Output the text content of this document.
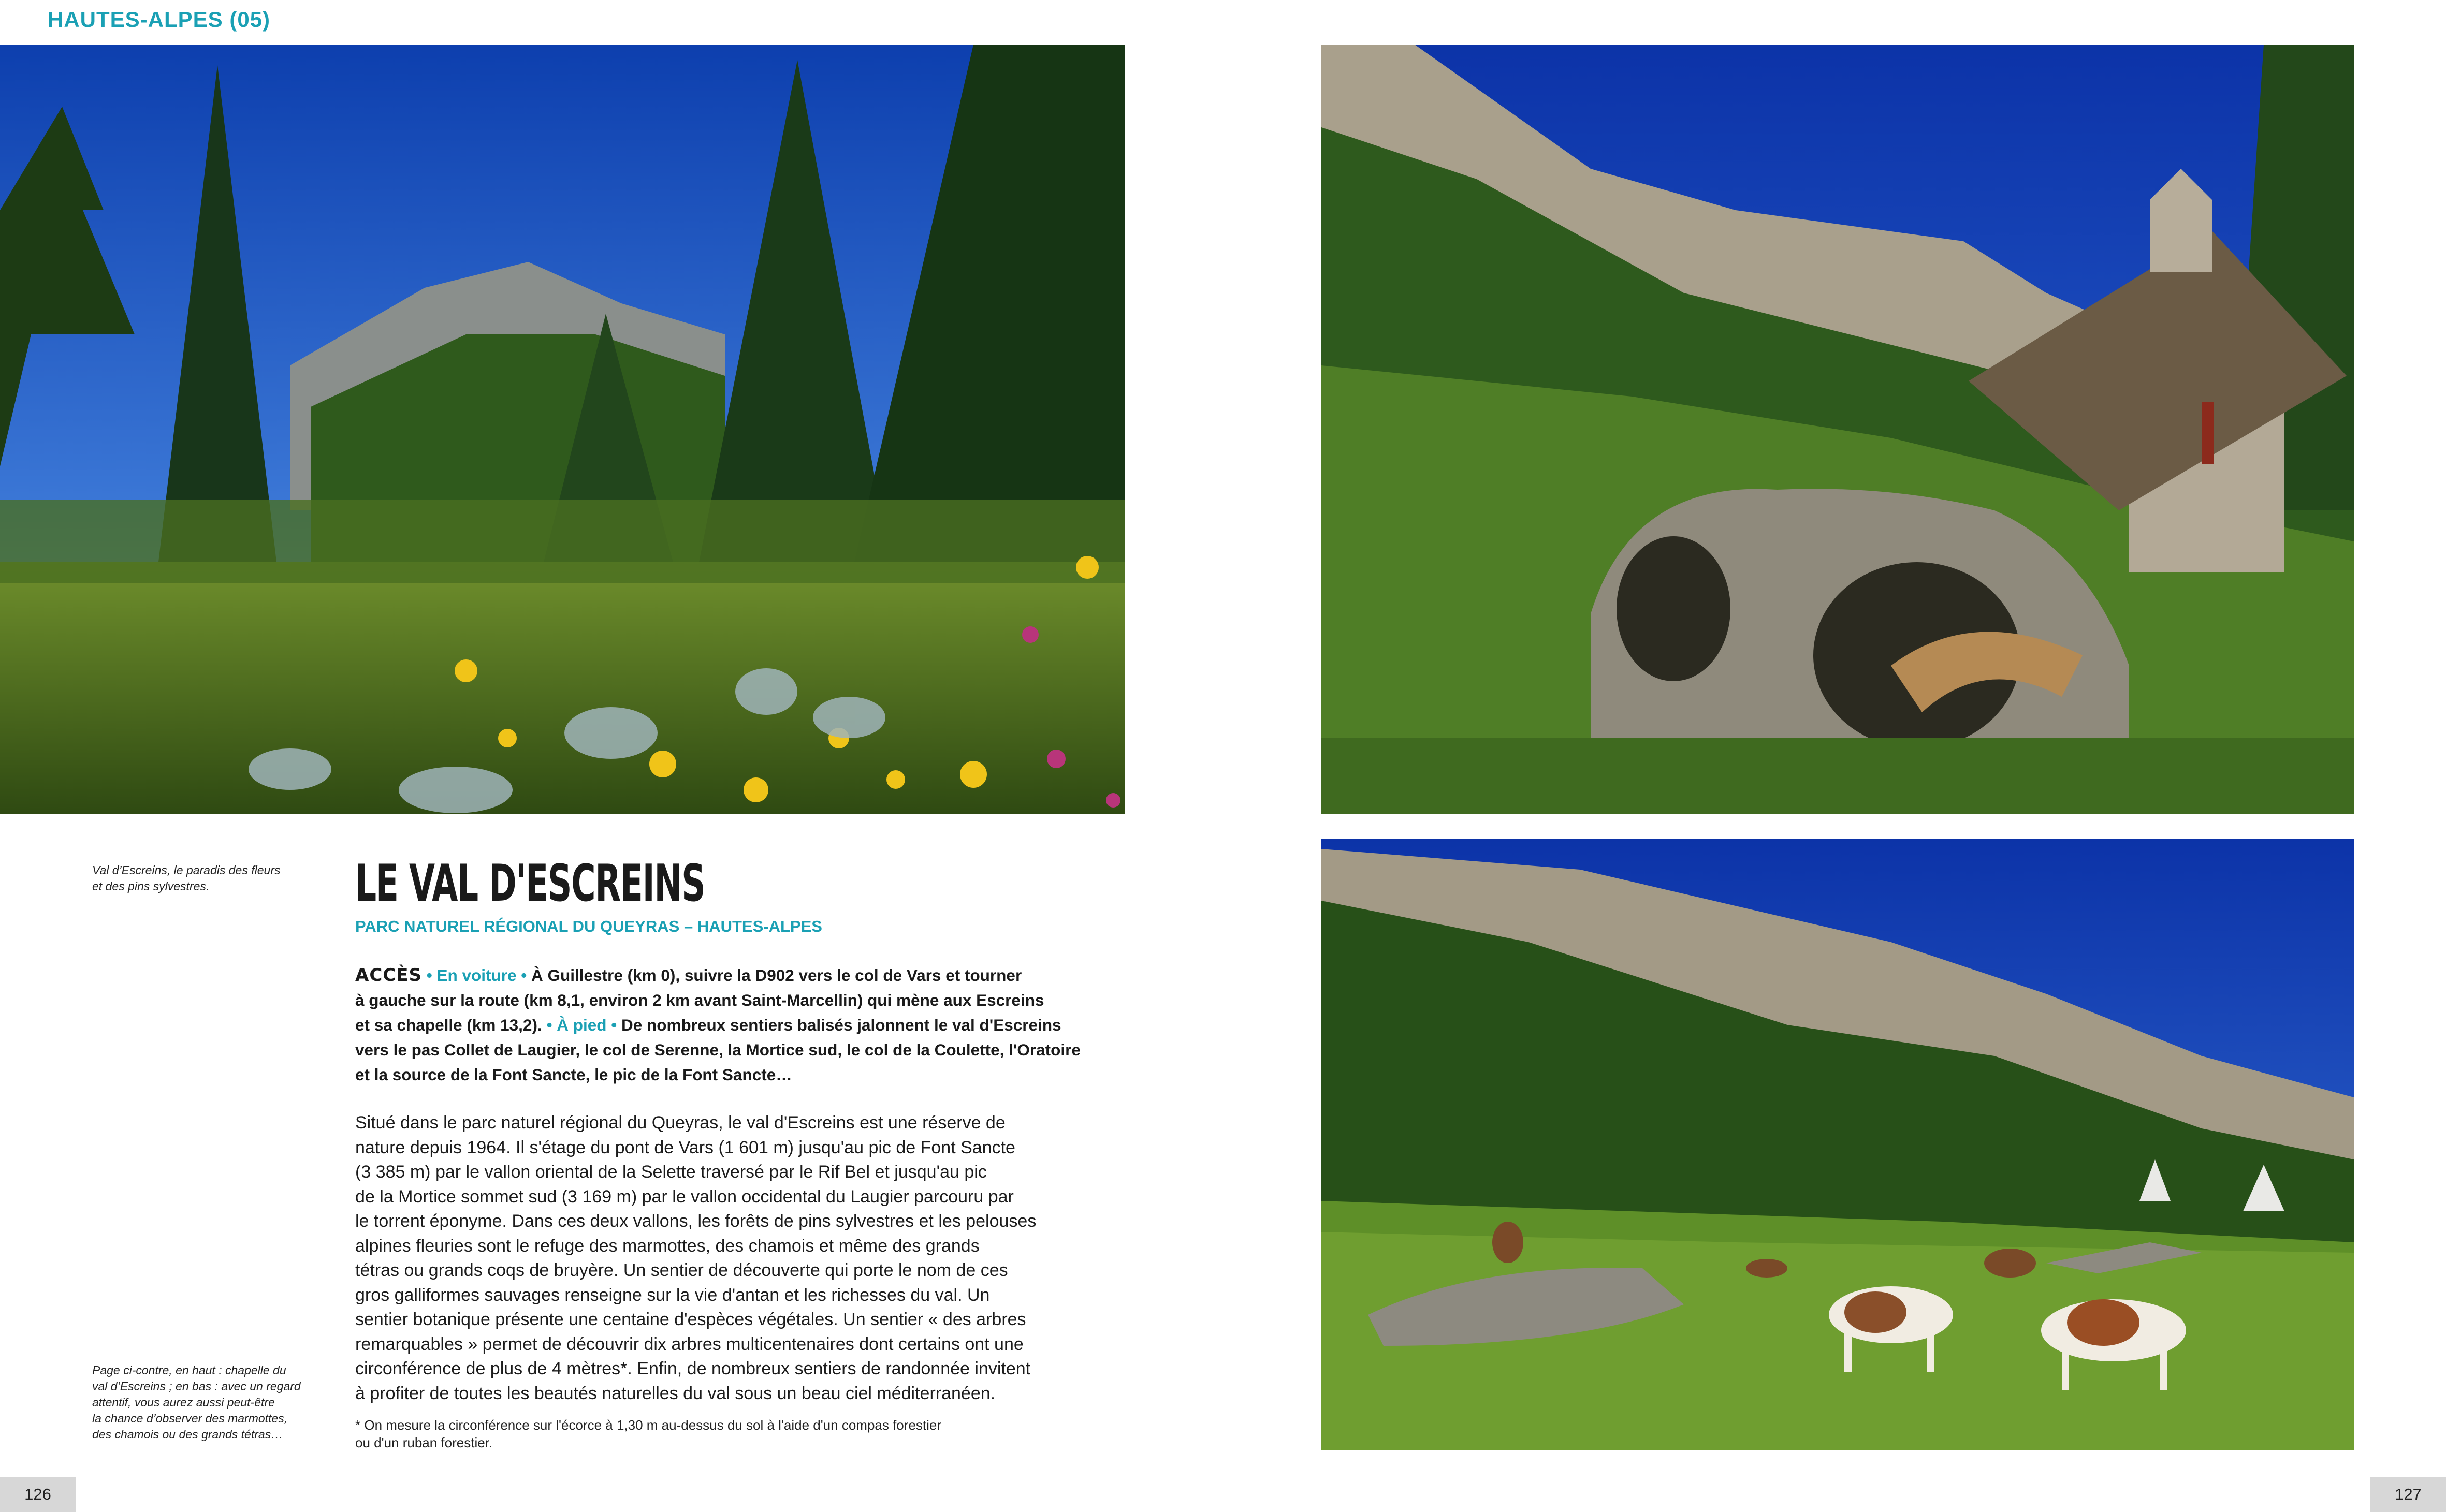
HAUTES-ALPES (05)
Val d’Escreins, le paradis des fleurs
et des pins sylvestres.
Page ci-contre, en haut : chapelle du
val d’Escreins ; en bas : avec un regard
attentif, vous aurez aussi peut-être
la chance d’observer des marmottes,
des chamois ou des grands tétras…
LE VAL D'ESCREINS
PARC NATUREL RÉGIONAL DU QUEYRAS – HAUTES-ALPES
ACCÈS • En voiture • À Guillestre (km 0), suivre la D902 vers le col de Vars et tourner
à gauche sur la route (km 8,1, environ 2 km avant Saint-Marcellin) qui mène aux Escreins
et sa chapelle (km 13,2). • À pied • De nombreux sentiers balisés jalonnent le val d'Escreins
vers le pas Collet de Laugier, le col de Serenne, la Mortice sud, le col de la Coulette, l'Oratoire
et la source de la Font Sancte, le pic de la Font Sancte…
Situé dans le parc naturel régional du Queyras, le val d'Escreins est une réserve de
nature depuis 1964. Il s'étage du pont de Vars (1 601 m) jusqu'au pic de Font Sancte
(3 385 m) par le vallon oriental de la Selette traversé par le Rif Bel et jusqu'au pic
de la Mortice sommet sud (3 169 m) par le vallon occidental du Laugier parcouru par
le torrent éponyme. Dans ces deux vallons, les forêts de pins sylvestres et les pelouses
alpines fleuries sont le refuge des marmottes, des chamois et même des grands
tétras ou grands coqs de bruyère. Un sentier de découverte qui porte le nom de ces
gros galliformes sauvages renseigne sur la vie d'antan et les richesses du val. Un
sentier botanique présente une centaine d'espèces végétales. Un sentier « des arbres
remarquables » permet de découvrir dix arbres multicentenaires dont certains ont une
circonférence de plus de 4 mètres*. Enfin, de nombreux sentiers de randonnée invitent
à profiter de toutes les beautés naturelles du val sous un beau ciel méditerranéen.
* On mesure la circonférence sur l'écorce à 1,30 m au-dessus du sol à l'aide d'un compas forestier
ou d'un ruban forestier.
126	127
